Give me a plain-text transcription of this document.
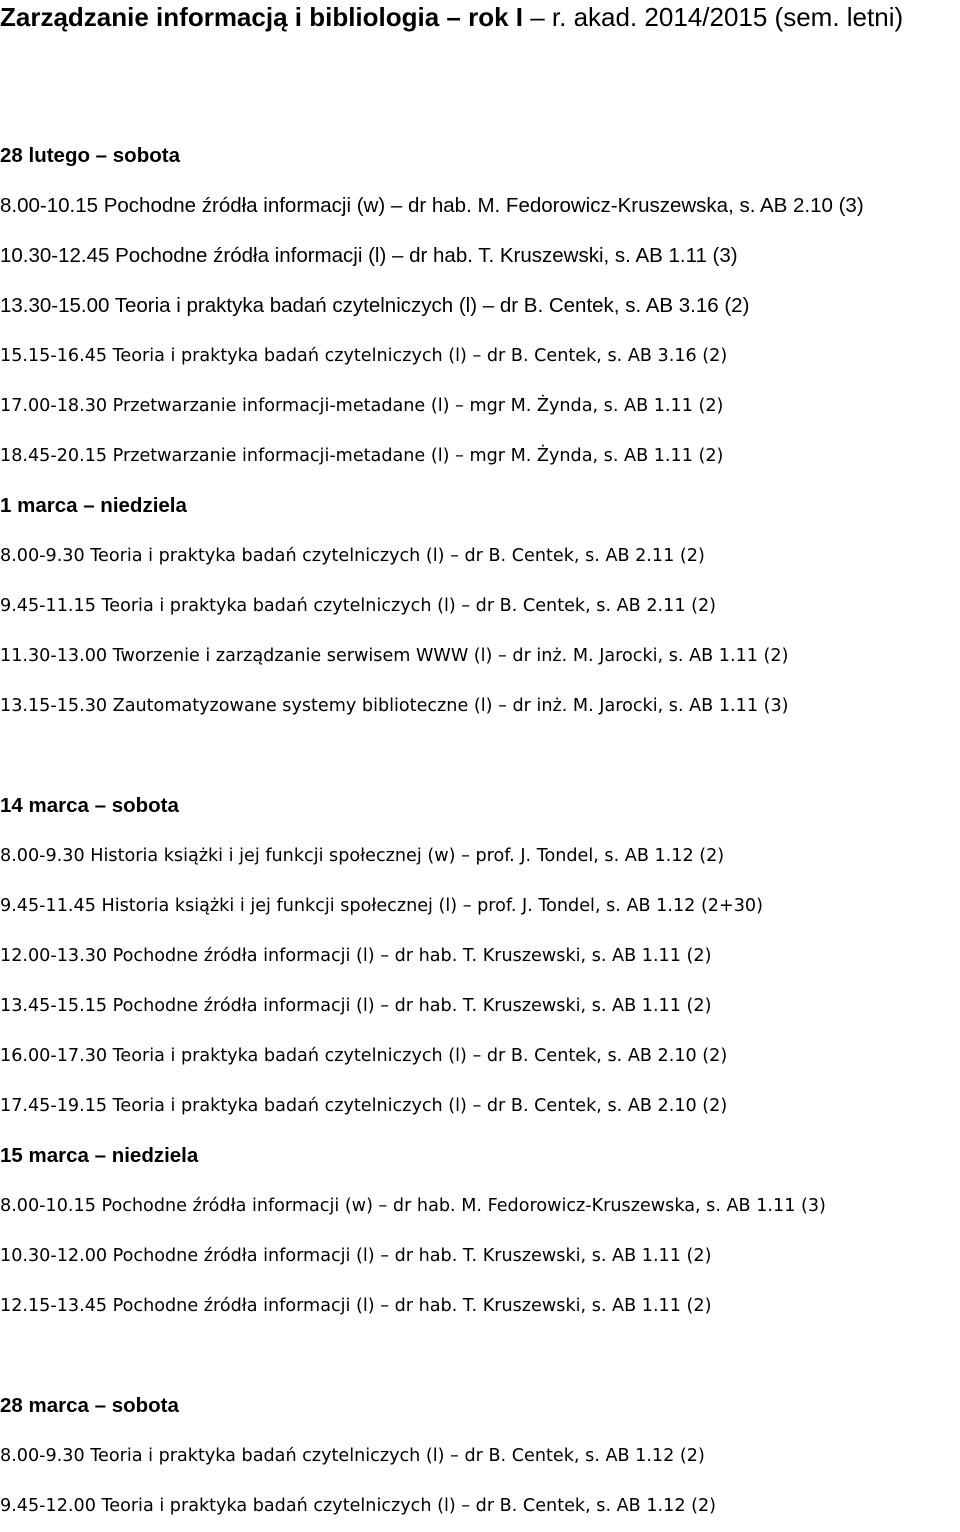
Zarządzanie informacją i bibliologia – rok I – r. akad. 2014/2015 (sem. letni)
28 lutego – sobota
8.00-10.15 Pochodne źródła informacji (w) – dr hab. M. Fedorowicz-Kruszewska, s. AB 2.10 (3)
10.30-12.45 Pochodne źródła informacji (l) – dr hab. T. Kruszewski, s. AB 1.11 (3)
13.30-15.00 Teoria i praktyka badań czytelniczych (l) – dr B. Centek, s. AB 3.16 (2)
15.15-16.45 Teoria i praktyka badań czytelniczych (l) – dr B. Centek, s. AB 3.16 (2)
17.00-18.30 Przetwarzanie informacji-metadane (l) – mgr M. Żynda, s. AB 1.11 (2)
18.45-20.15 Przetwarzanie informacji-metadane (l) – mgr M. Żynda, s. AB 1.11 (2)
1 marca – niedziela
8.00-9.30 Teoria i praktyka badań czytelniczych (l) – dr B. Centek, s. AB 2.11 (2)
9.45-11.15 Teoria i praktyka badań czytelniczych (l) – dr B. Centek, s. AB 2.11 (2)
11.30-13.00 Tworzenie i zarządzanie serwisem WWW (l) – dr inż. M. Jarocki, s. AB 1.11 (2)
13.15-15.30 Zautomatyzowane systemy biblioteczne (l) – dr inż. M. Jarocki, s. AB 1.11 (3)
14 marca – sobota
8.00-9.30 Historia książki i jej funkcji społecznej (w) – prof. J. Tondel, s. AB 1.12 (2)
9.45-11.45 Historia książki i jej funkcji społecznej (l) – prof. J. Tondel, s. AB 1.12 (2+30)
12.00-13.30 Pochodne źródła informacji (l) – dr hab. T. Kruszewski, s. AB 1.11 (2)
13.45-15.15 Pochodne źródła informacji (l) – dr hab. T. Kruszewski, s. AB 1.11 (2)
16.00-17.30 Teoria i praktyka badań czytelniczych (l) – dr B. Centek, s. AB 2.10 (2)
17.45-19.15 Teoria i praktyka badań czytelniczych (l) – dr B. Centek, s. AB 2.10 (2)
15 marca – niedziela
8.00-10.15 Pochodne źródła informacji (w) – dr hab. M. Fedorowicz-Kruszewska, s. AB 1.11 (3)
10.30-12.00 Pochodne źródła informacji (l) – dr hab. T. Kruszewski, s. AB 1.11 (2)
12.15-13.45 Pochodne źródła informacji (l) – dr hab. T. Kruszewski, s. AB 1.11 (2)
28 marca – sobota
8.00-9.30 Teoria i praktyka badań czytelniczych (l) – dr B. Centek, s. AB 1.12 (2)
9.45-12.00 Teoria i praktyka badań czytelniczych (l) – dr B. Centek, s. AB 1.12 (2)
